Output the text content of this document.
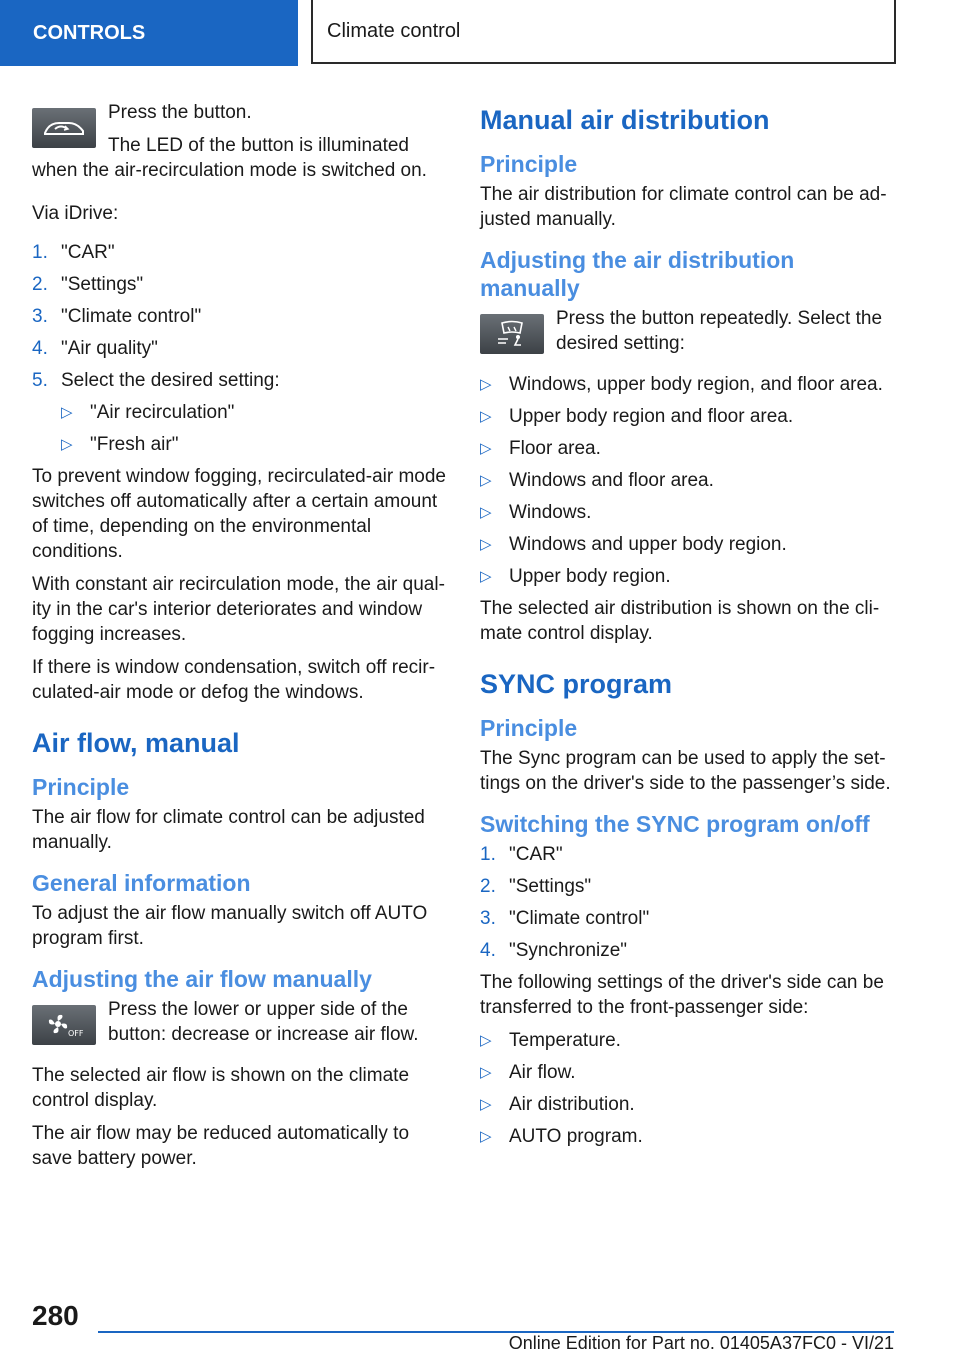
CONTROLS	Climate control

Press the button.

The LED of the button is illuminated when the air-recirculation mode is switched on.

Via iDrive:

1. "CAR"
2. "Settings"
3. "Climate control"
4. "Air quality"
5. Select the desired setting:
▷ "Air recirculation"
▷ "Fresh air"

To prevent window fogging, recirculated-air mode switches off automatically after a certain amount of time, depending on the environmental conditions.

With constant air recirculation mode, the air quality in the car's interior deteriorates and window fogging increases.

If there is window condensation, switch off recirculated-air mode or defog the windows.

Air flow, manual
Principle

The air flow for climate control can be adjusted manually.

General information

To adjust the air flow manually switch off AUTO program first.

Adjusting the air flow manually
OFF

Press the lower or upper side of the button: decrease or increase air flow.

The selected air flow is shown on the climate control display.

The air flow may be reduced automatically to save battery power.

Manual air distribution
Principle

The air distribution for climate control can be adjusted manually.

Adjusting the air distribution manually

Press the button repeatedly. Select the desired setting:

▷ Windows, upper body region, and floor area.
▷ Upper body region and floor area.
▷ Floor area.
▷ Windows and floor area.
▷ Windows.
▷ Windows and upper body region.
▷ Upper body region.

The selected air distribution is shown on the climate control display.

SYNC program
Principle

The Sync program can be used to apply the settings on the driver's side to the passenger’s side.

Switching the SYNC program on/off
1. "CAR"
2. "Settings"
3. "Climate control"
4. "Synchronize"

The following settings of the driver's side can be transferred to the front-passenger side:

▷ Temperature.
▷ Air flow.
▷ Air distribution.
▷ AUTO program.
280
Online Edition for Part no. 01405A37FC0 - VI/21
